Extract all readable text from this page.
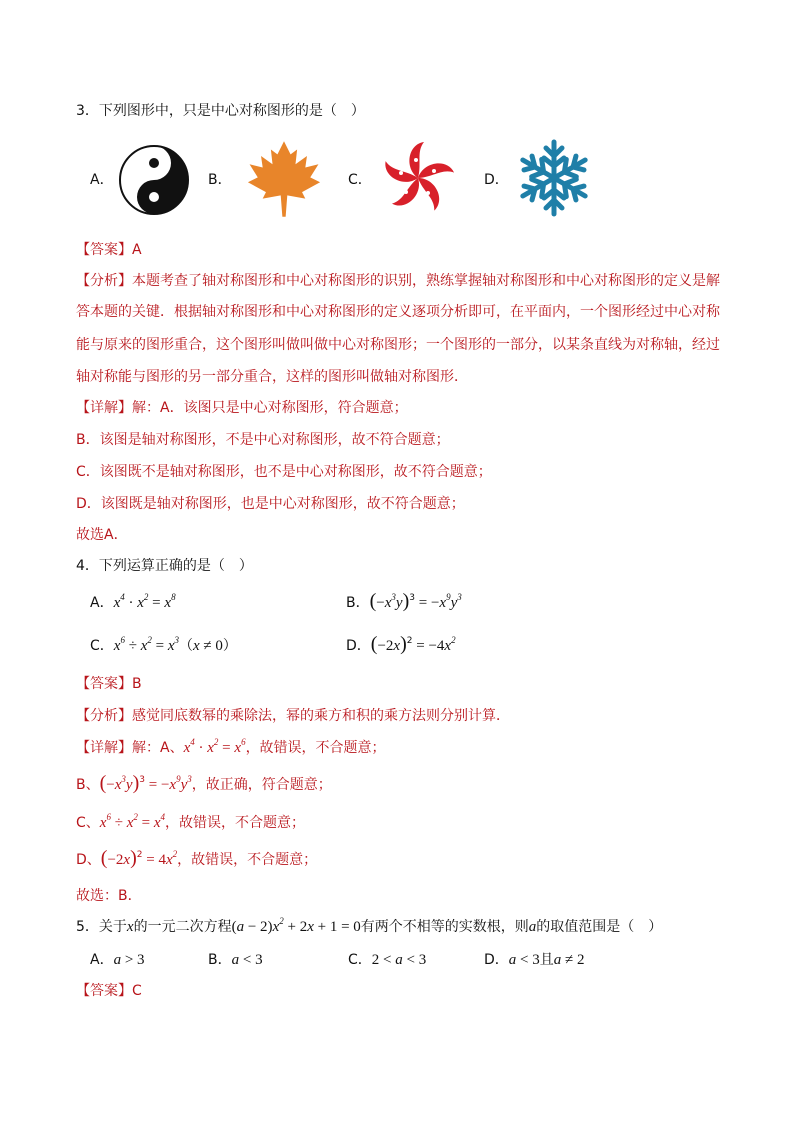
3．下列图形中，只是中心对称图形的是（　）
A．	B．	C．	D．
【答案】A
【分析】本题考查了轴对称图形和中心对称图形的识别，熟练掌握轴对称图形和中心对称图形的定义是解
答本题的关键．根据轴对称图形和中心对称图形的定义逐项分析即可，在平面内，一个图形经过中心对称
能与原来的图形重合，这个图形叫做叫做中心对称图形；一个图形的一部分，以某条直线为对称轴，经过
轴对称能与图形的另一部分重合，这样的图形叫做轴对称图形．
【详解】解：A．该图只是中心对称图形，符合题意；
B．该图是轴对称图形，不是中心对称图形，故不符合题意；
C．该图既不是轴对称图形，也不是中心对称图形，故不符合题意；
D．该图既是轴对称图形，也是中心对称图形，故不符合题意；
故选A．
4．下列运算正确的是（　）
A．$x^4 \cdot x^2 = x^8$	B．$(-x^3y)^3 = -x^9y^3$
C．$x^6 \div x^2 = x^3(x \ne 0)$	D．$(-2x)^2 = -4x^2$
【答案】B
【分析】感觉同底数幂的乘除法，幂的乘方和积的乘方法则分别计算．
【详解】解：A、$x^4 \cdot x^2 = x^6$，故错误，不合题意；
B、$(-x^3y)^3 = -x^9y^3$，故正确，符合题意；
C、$x^6 \div x^2 = x^4$，故错误，不合题意；
D、$(-2x)^2 = 4x^2$，故错误，不合题意；
故选：B．
5．关于x的一元二次方程$(a - 2)x^2 + 2x + 1 = 0$有两个不相等的实数根，则a的取值范围是（　）
A．a > 3	B．a < 3	C．2 < a < 3	D．a < 3且a ≠ 2
【答案】C
